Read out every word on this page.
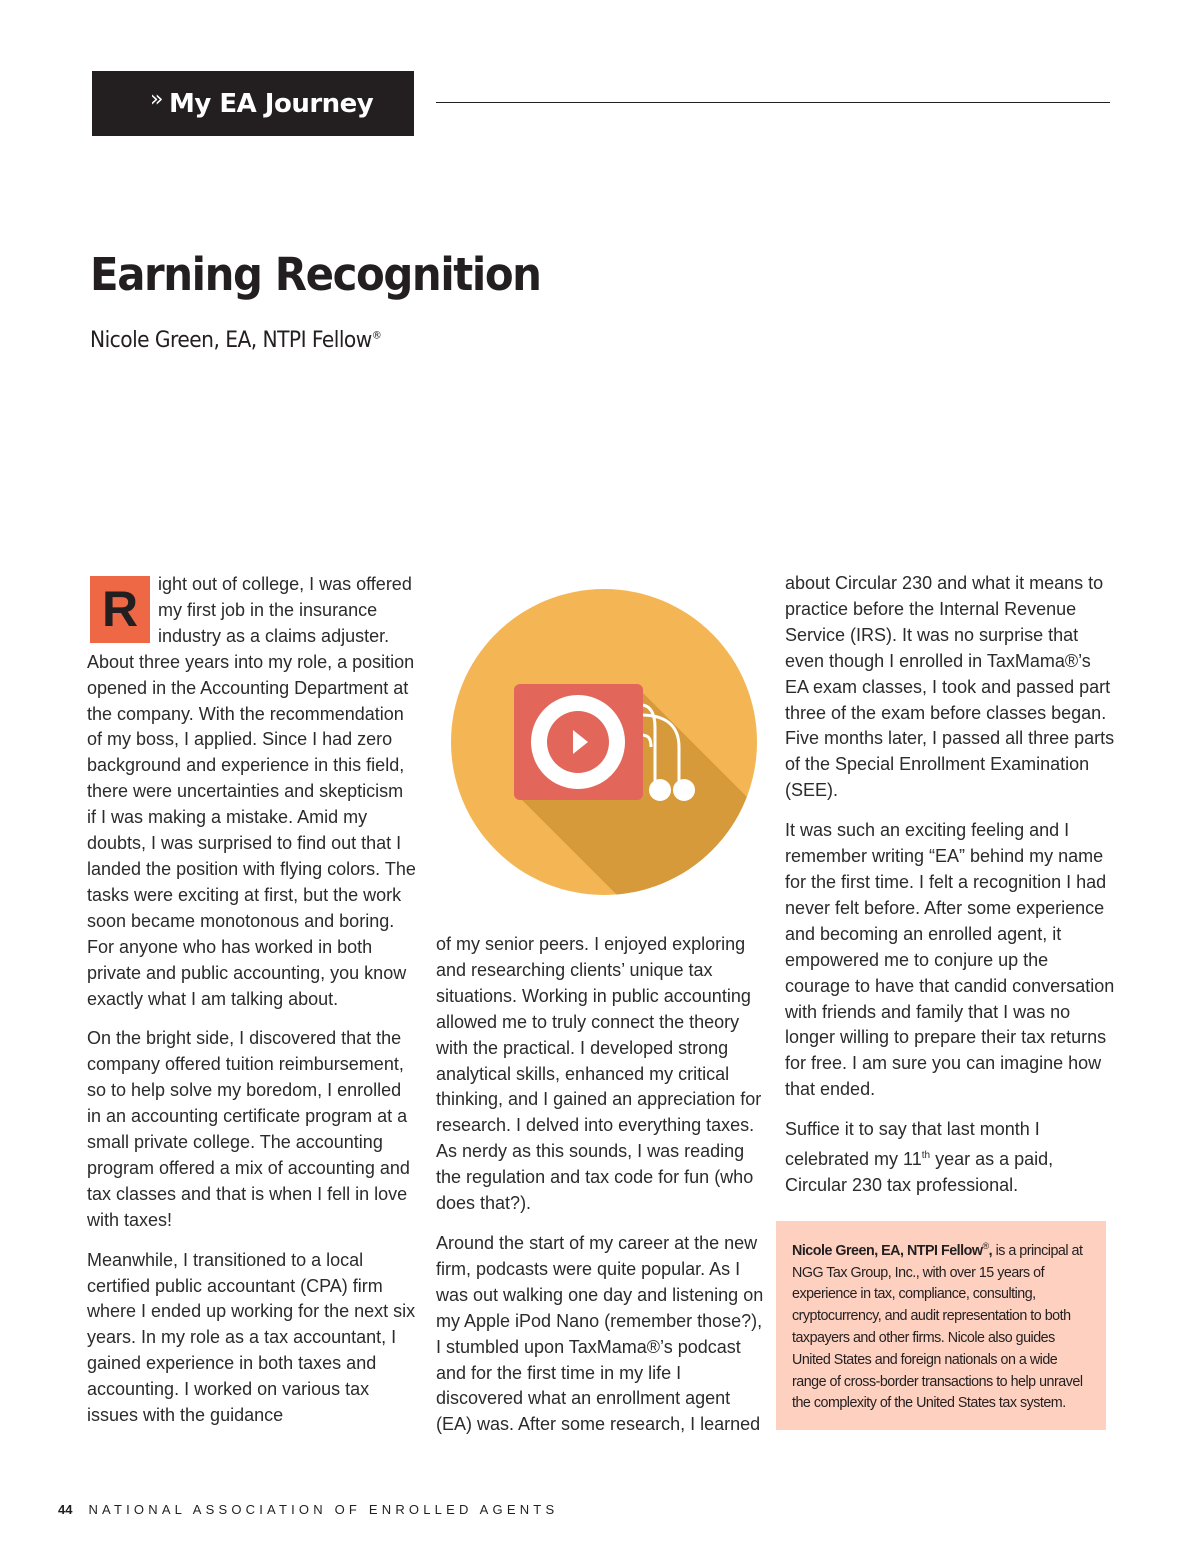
» My EA Journey
Earning Recognition

Nicole Green, EA, NTPI Fellow®

R	ight out of college, I was offered my first job in the insurance industry as a claims adjuster. About three years into my role, a position opened in the Accounting Department at the company. With the recommendation of my boss, I applied. Since I had zero background and experience in this field, there were uncertainties and skepticism if I was making a mistake. Amid my doubts, I was surprised to find out that I landed the position with flying colors. The tasks were exciting at first, but the work soon became monotonous and boring. For anyone who has worked in both private and public accounting, you know exactly what I am talking about.

On the bright side, I discovered that the company offered tuition reimbursement, so to help solve my boredom, I enrolled in an accounting certificate program at a small private college. The accounting program offered a mix of accounting and tax classes and that is when I fell in love with taxes!

Meanwhile, I transitioned to a local certified public accountant (CPA) firm where I ended up working for the next six years. In my role as a tax accountant, I gained experience in both taxes and accounting. I worked on various tax issues with the guidance

of my senior peers. I enjoyed exploring and researching clients’ unique tax situations. Working in public accounting allowed me to truly connect the theory with the practical. I developed strong analytical skills, enhanced my critical thinking, and I gained an appreciation for research. I delved into everything taxes. As nerdy as this sounds, I was reading the regulation and tax code for fun (who does that?).

Around the start of my career at the new firm, podcasts were quite popular. As I was out walking one day and listening on my Apple iPod Nano (remember those?), I stumbled upon TaxMama®’s podcast and for the first time in my life I discovered what an enrollment agent (EA) was. After some research, I learned

about Circular 230 and what it means to practice before the Internal Revenue Service (IRS). It was no surprise that even though I enrolled in TaxMama®’s EA exam classes, I took and passed part three of the exam before classes began. Five months later, I passed all three parts of the Special Enrollment Examination (SEE).

It was such an exciting feeling and I remember writing “EA” behind my name for the first time. I felt a recognition I had never felt before. After some experience and becoming an enrolled agent, it empowered me to conjure up the courage to have that candid conversation with friends and family that I was no longer willing to prepare their tax returns for free. I am sure you can imagine how that ended.

Suffice it to say that last month I celebrated my 11th year as a paid, Circular 230 tax professional.

Nicole Green, EA, NTPI Fellow®, is a principal at NGG Tax Group, Inc., with over 15 years of experience in tax, compliance, consulting, cryptocurrency, and audit representation to both taxpayers and other firms. Nicole also guides United States and foreign nationals on a wide range of cross-border transactions to help unravel the complexity of the United States tax system.
44 NATIONAL ASSOCIATION OF ENROLLED AGENTS
